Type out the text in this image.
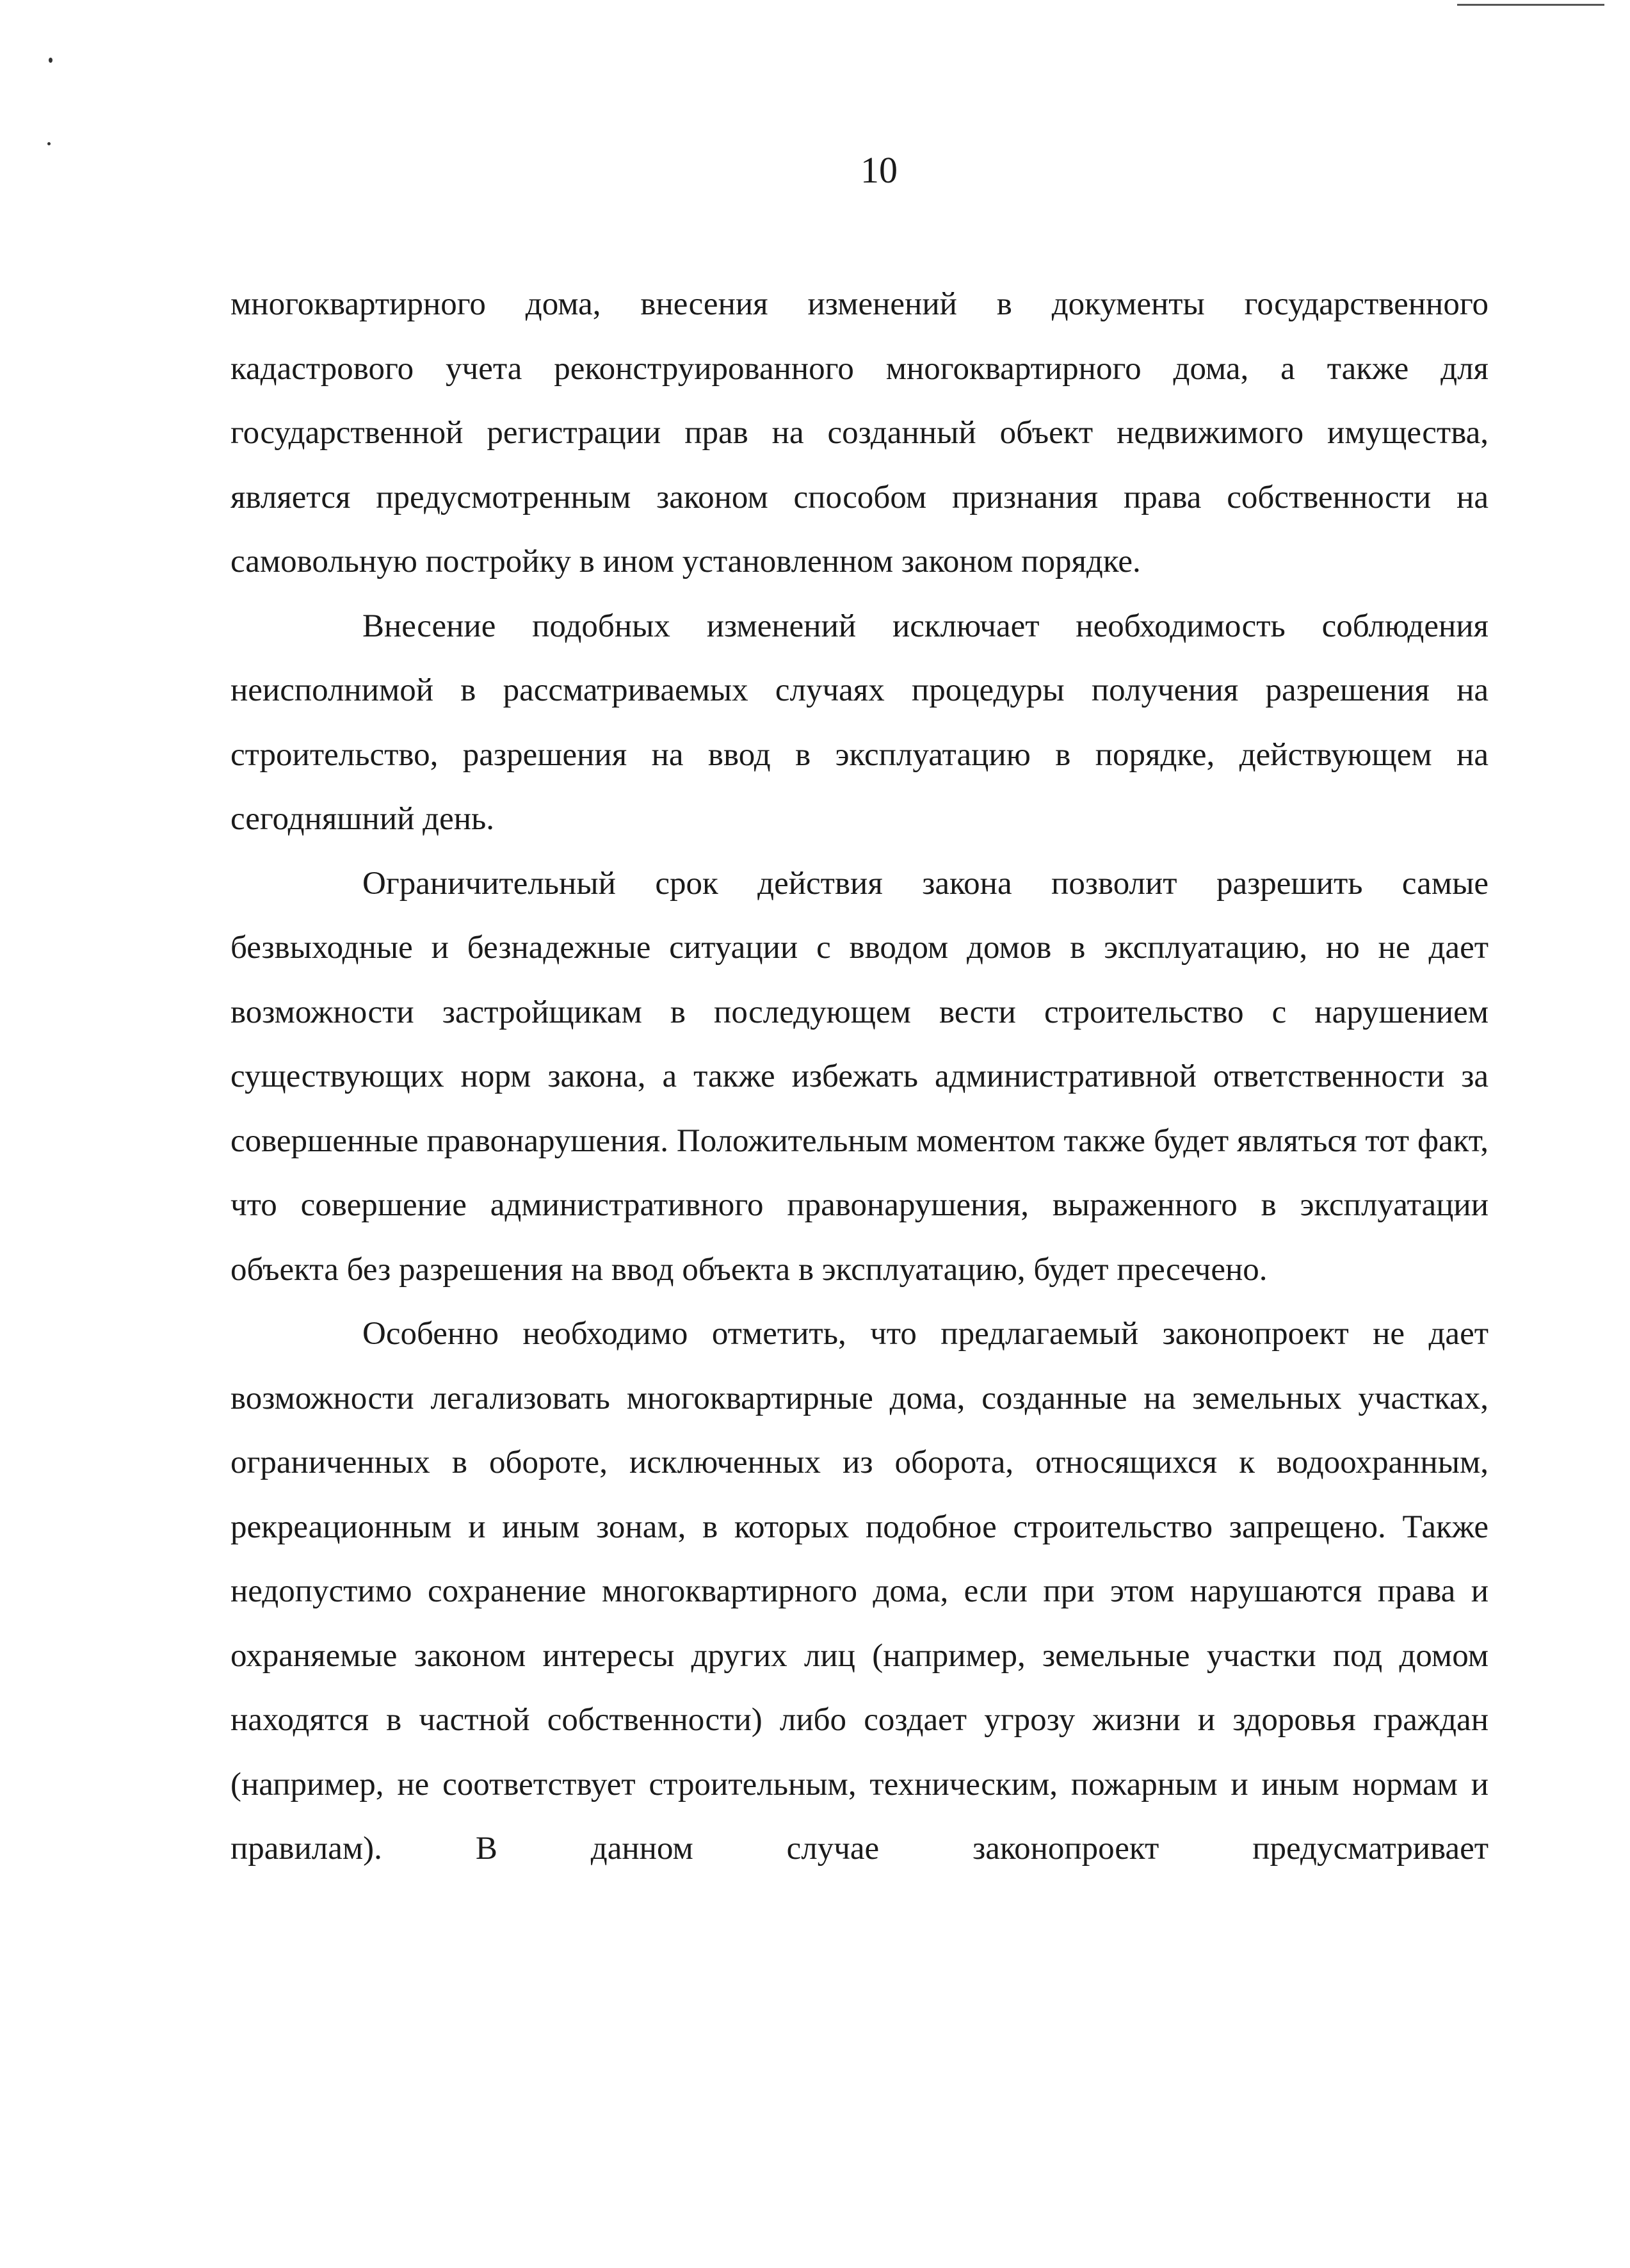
10

многоквартирного дома, внесения изменений в документы государственного кадастрового учета реконструированного многоквартирного дома, а также для государственной регистрации прав на созданный объект недвижимого имущества, является предусмотренным законом способом признания права собственности на самовольную постройку в ином установленном законом порядке.

Внесение подобных изменений исключает необходимость соблюдения неисполнимой в рассматриваемых случаях процедуры получения разрешения на строительство, разрешения на ввод в эксплуатацию в порядке, действующем на сегодняшний день.

Ограничительный срок действия закона позволит разрешить самые безвыходные и безнадежные ситуации с вводом домов в эксплуатацию, но не дает возможности застройщикам в последующем вести строительство с нарушением существующих норм закона, а также избежать административной ответственности за совершенные правонарушения. Положительным моментом также будет являться тот факт, что совершение административного правонарушения, выраженного в эксплуатации объекта без разрешения на ввод объекта в эксплуатацию, будет пресечено.

Особенно необходимо отметить, что предлагаемый законопроект не дает возможности легализовать многоквартирные дома, созданные на земельных участках, ограниченных в обороте, исключенных из оборота, относящихся к водоохранным, рекреационным и иным зонам, в которых подобное строительство запрещено. Также недопустимо сохранение многоквартирного дома, если при этом нарушаются права и охраняемые законом интересы других лиц (например, земельные участки под домом находятся в частной собственности) либо создает угрозу жизни и здоровья граждан (например, не соответствует строительным, техническим, пожарным и иным нормам и правилам). В данном случае законопроект предусматривает
